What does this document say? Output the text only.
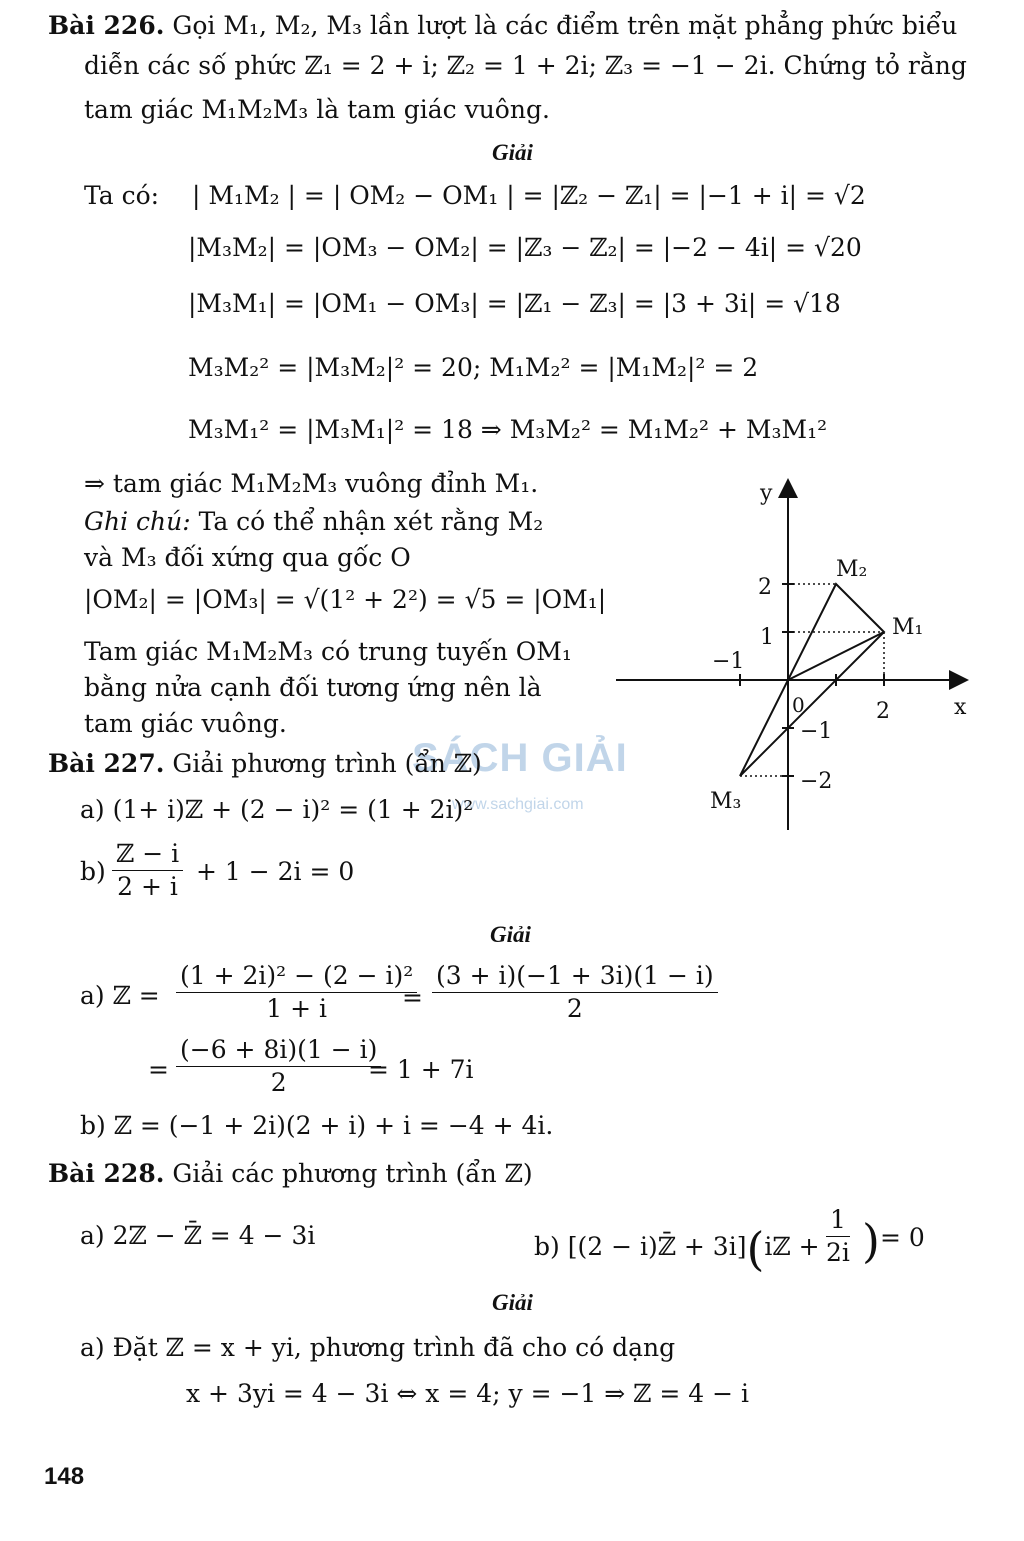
Bài 226. Gọi M₁, M₂, M₃ lần lượt là các điểm trên mặt phẳng phức biểu
diễn các số phức ℤ₁ = 2 + i; ℤ₂ = 1 + 2i; ℤ₃ = −1 − 2i. Chứng tỏ rằng
tam giác M₁M₂M₃ là tam giác vuông.
Giải
Ta có: | M₁M₂ | = | OM₂ − OM₁ | = |ℤ₂ − ℤ₁| = |−1 + i| = √2
|M₃M₂| = |OM₃ − OM₂| = |ℤ₃ − ℤ₂| = |−2 − 4i| = √20
|M₃M₁| = |OM₁ − OM₃| = |ℤ₁ − ℤ₃| = |3 + 3i| = √18
M₃M₂² = |M₃M₂|² = 20; M₁M₂² = |M₁M₂|² = 2
M₃M₁² = |M₃M₁|² = 18 ⇒ M₃M₂² = M₁M₂² + M₃M₁²
⇒ tam giác M₁M₂M₃ vuông đỉnh M₁.
Ghi chú: Ta có thể nhận xét rằng M₂
và M₃ đối xứng qua gốc O
|OM₂| = |OM₃| = √(1² + 2²) = √5 = |OM₁|
Tam giác M₁M₂M₃ có trung tuyến OM₁
bằng nửa cạnh đối tương ứng nên là
tam giác vuông.
y
x
0
2
1
−1
−2
−1
2
M₂
M₁
M₃
SÁCH GIẢI
www.sachgiai.com
Bài 227. Giải phương trình (ẩn ℤ)
a) (1+ i)ℤ + (2 − i)² = (1 + 2i)²
b)
ℤ − i
2 + i + 1 − 2i = 0
Giải
a) ℤ = $\frac{\text{(1 + 2i)² − (2 − i)²}}{1 + i}$
= $\frac{(3 + i)(-1 + 3i)(1 - i)}{2}$
= $\frac{(-6 + 8i)(1 - i)}{2}$
= 1 + 7i
b) ℤ = (−1 + 2i)(2 + i) + i = −4 + 4i.
Bài 228. Giải các phương trình (ẩn ℤ)
a) 2ℤ − ℤ̄ = 4 − 3i	b) [(2 − i)ℤ̄ + 3i](iℤ + $\frac{1}{2i}$ ) = 0
Giải
a) Đặt ℤ = x + yi, phương trình đã cho có dạng
x + 3yi = 4 − 3i ⇔ x = 4; y = −1 ⇒ ℤ = 4 − i
148
